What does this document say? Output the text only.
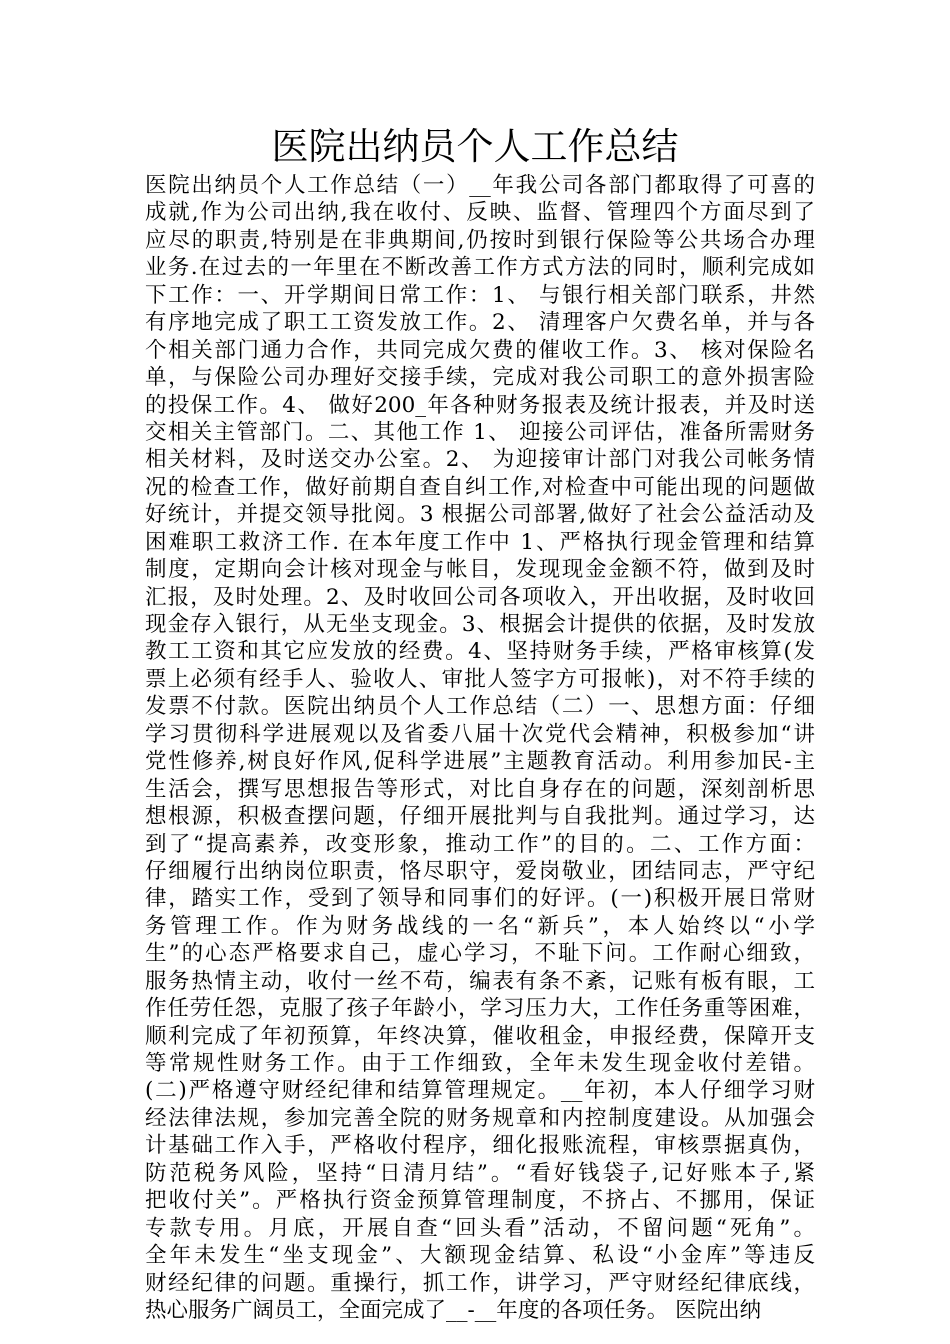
医院出纳员个人工作总结
医院出纳员个人工作总结（一）__年我公司各部门都取得了可喜的
成就,作为公司出纳,我在收付、反映、监督、管理四个方面尽到了
应尽的职责,特别是在非典期间,仍按时到银行保险等公共场合办理
业务.在过去的一年里在不断改善工作方式方法的同时，顺利完成如
下工作：一、开学期间日常工作：1、 与银行相关部门联系，井然
有序地完成了职工工资发放工作。2、 清理客户欠费名单，并与各
个相关部门通力合作，共同完成欠费的催收工作。3、 核对保险名
单，与保险公司办理好交接手续，完成对我公司职工的意外损害险
的投保工作。4、 做好200_年各种财务报表及统计报表，并及时送
交相关主管部门。二、其他工作 1、 迎接公司评估，准备所需财务
相关材料，及时送交办公室。2、 为迎接审计部门对我公司帐务情
况的检查工作，做好前期自查自纠工作,对检查中可能出现的问题做
好统计，并提交领导批阅。3 根据公司部署,做好了社会公益活动及
困难职工救济工作. 在本年度工作中 1、严格执行现金管理和结算
制度，定期向会计核对现金与帐目，发现现金金额不符，做到及时
汇报，及时处理。2、及时收回公司各项收入，开出收据，及时收回
现金存入银行，从无坐支现金。3、根据会计提供的依据，及时发放
教工工资和其它应发放的经费。4、坚持财务手续，严格审核算(发
票上必须有经手人、验收人、审批人签字方可报帐)，对不符手续的
发票不付款。医院出纳员个人工作总结（二）一、思想方面：仔细
学习贯彻科学进展观以及省委八届十次党代会精神，积极参加“讲
党性修养,树良好作风,促科学进展”主题教育活动。利用参加民-主
生活会，撰写思想报告等形式，对比自身存在的问题，深刻剖析思
想根源，积极查摆问题，仔细开展批判与自我批判。通过学习，达
到了“提高素养，改变形象，推动工作”的目的。二、工作方面：
仔细履行出纳岗位职责，恪尽职守，爱岗敬业，团结同志，严守纪
律，踏实工作，受到了领导和同事们的好评。(一)积极开展日常财
务管理工作。作为财务战线的一名“新兵”，本人始终以“小学
生”的心态严格要求自己，虚心学习，不耻下问。工作耐心细致，
服务热情主动，收付一丝不苟，编表有条不紊，记账有板有眼，工
作任劳任怨，克服了孩子年龄小，学习压力大，工作任务重等困难，
顺利完成了年初预算，年终决算，催收租金，申报经费，保障开支
等常规性财务工作。由于工作细致，全年未发生现金收付差错。
(二)严格遵守财经纪律和结算管理规定。__年初，本人仔细学习财
经法律法规，参加完善全院的财务规章和内控制度建设。从加强会
计基础工作入手，严格收付程序，细化报账流程，审核票据真伪，
防范税务风险，坚持“日清月结”。“看好钱袋子,记好账本子,紧
把收付关”。严格执行资金预算管理制度，不挤占、不挪用，保证
专款专用。月底，开展自查“回头看”活动，不留问题“死角”。
全年未发生“坐支现金”、大额现金结算、私设“小金库”等违反
财经纪律的问题。重操行，抓工作，讲学习，严守财经纪律底线，
热心服务广阔员工，全面完成了__-__年度的各项任务。 医院出纳
